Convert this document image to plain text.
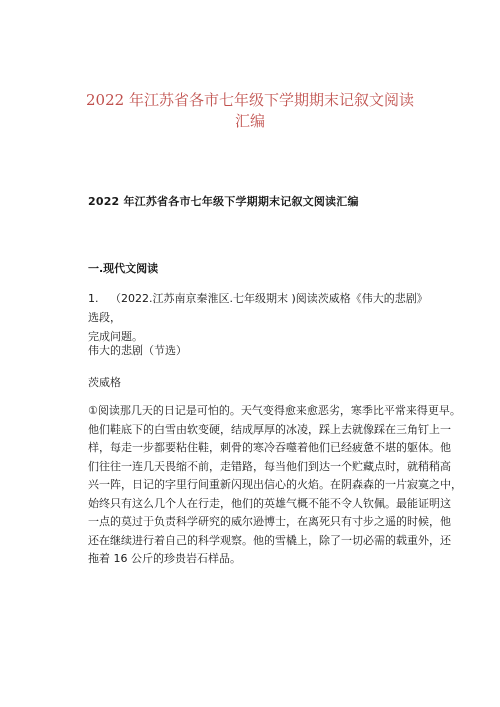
2022 年江苏省各市七年级下学期期末记叙文阅读
汇编
2022 年江苏省各市七年级下学期期末记叙文阅读汇编
一.现代文阅读
1. （2022.江苏南京秦淮区.七年级期末 )阅读茨威格《伟大的悲剧》选段，
完成问题。
伟大的悲剧（节选）
茨威格
①阅读那几天的日记是可怕的。天气变得愈来愈恶劣，寒季比平常来得更早。
他们鞋底下的白雪由软变硬，结成厚厚的冰凌，踩上去就像踩在三角钉上一
样，每走一步都要粘住鞋，刺骨的寒冷吞噬着他们已经疲惫不堪的躯体。他
们往往一连几天畏缩不前，走错路，每当他们到达一个贮藏点时，就稍稍高
兴一阵，日记的字里行间重新闪现出信心的火焰。在阴森森的一片寂寞之中，
始终只有这么几个人在行走，他们的英雄气概不能不令人钦佩。最能证明这
一点的莫过于负责科学研究的威尔逊博士，在离死只有寸步之遥的时候，他
还在继续进行着自己的科学观察。他的雪橇上，除了一切必需的载重外，还
拖着 16 公斤的珍贵岩石样品。
